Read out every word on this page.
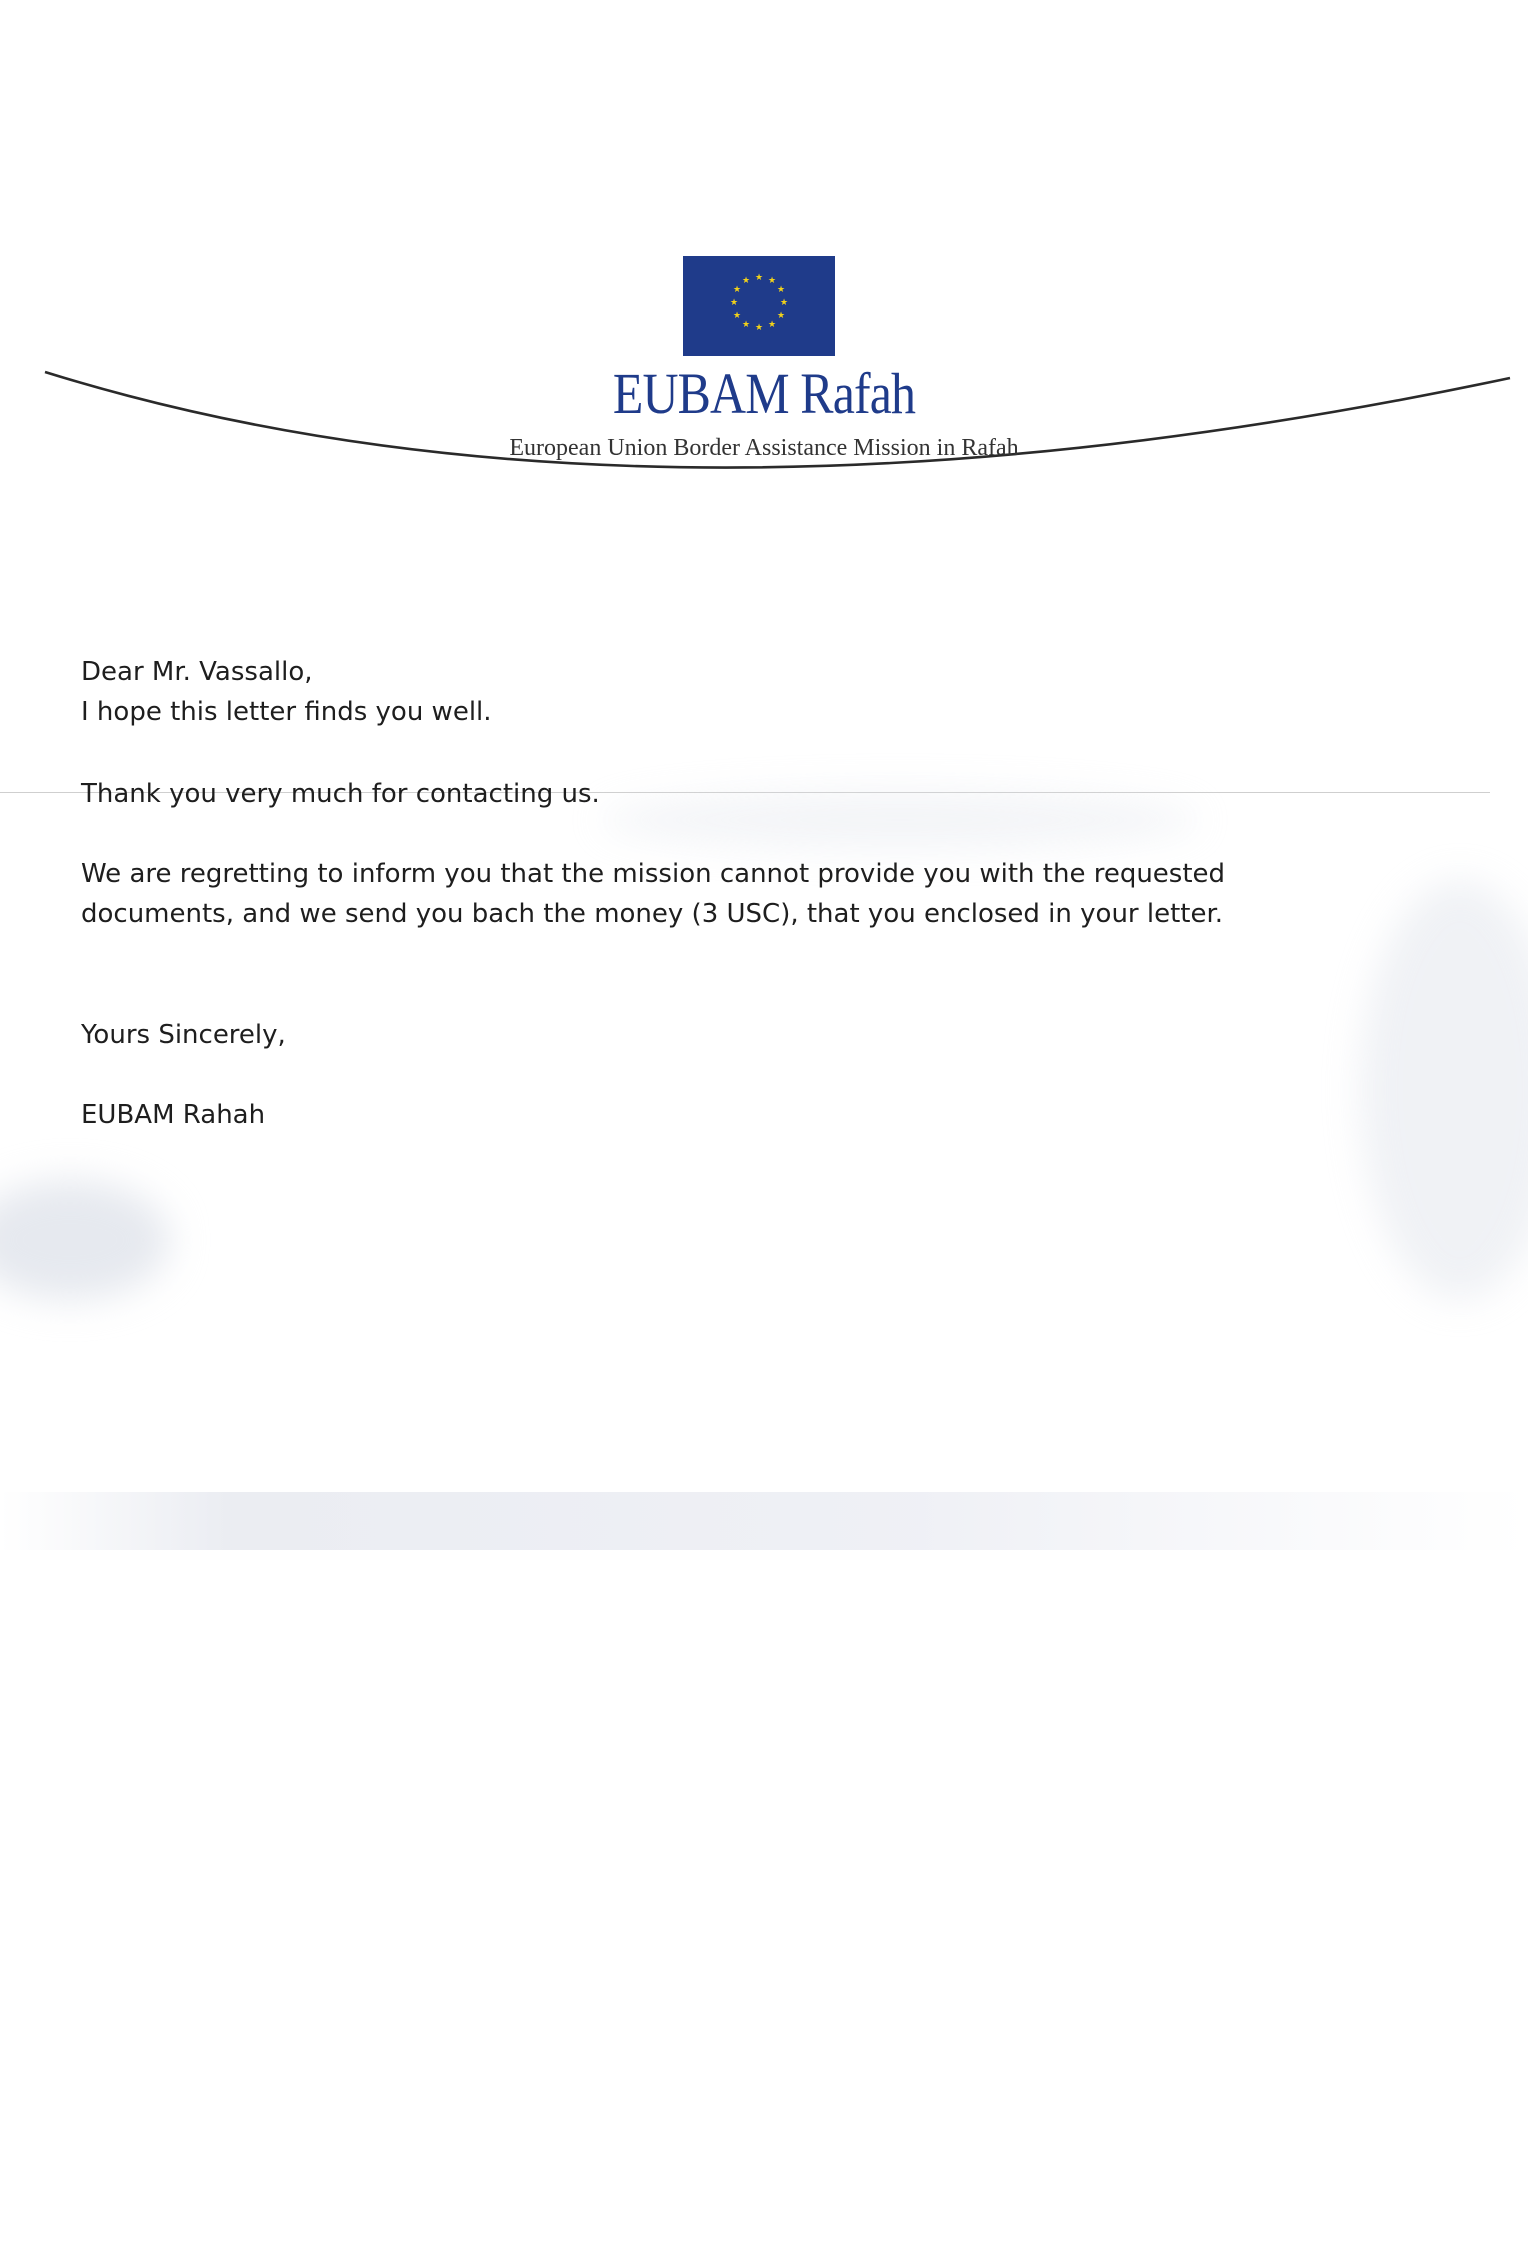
★ ★
★
★
★
★
★
★
★
★
★
★
EUBAM Rafah
European Union Border Assistance Mission in Rafah

Dear Mr. Vassallo,

I hope this letter finds you well.

Thank you very much for contacting us.

We are regretting to inform you that the mission cannot provide you with the requested

documents, and we send you bach the money (3 USC), that you enclosed in your letter.

Yours Sincerely,

EUBAM Rahah
